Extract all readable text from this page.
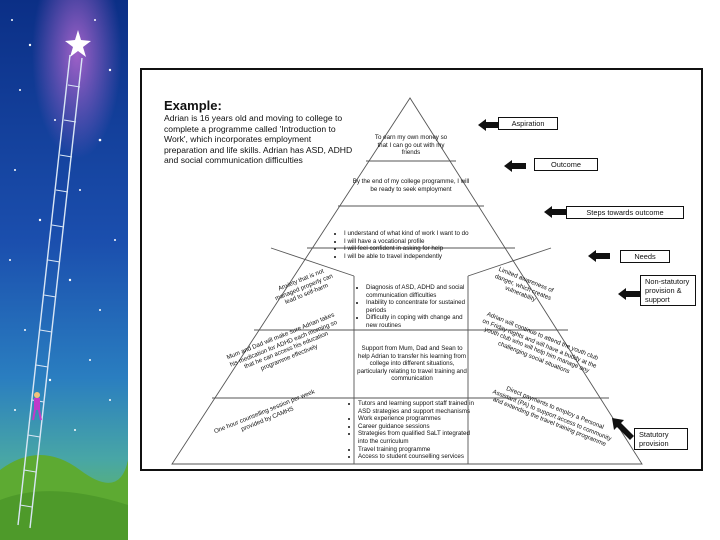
Example:
Adrian is 16 years old and moving to college to complete a programme called 'Introduction to Work', which incorporates employment preparation and life skills. Adrian has ASD, ADHD and social communication difficulties
To earn my own money so that I can go out with my friends
By the end of my college programme, I will be ready to seek employment
• I understand of what kind of work I want to do
• I will have a vocational profile
• I will feel confident in asking for help
• I will be able to travel independently
• Diagnosis of ASD, ADHD and social communication difficulties
• Inability to concentrate for sustained periods
• Difficulty in coping with change and new routines
Anxiety that is not managed properly can lead to self-harm	Limited awareness of danger, which creates vulnerability
Support from Mum, Dad and Sean to help Adrian to transfer his learning from college into different situations, particularly relating to travel training and communication
Mum and Dad will make sure Adrian takes his medication for ADHD each morning so that he can access his education programme effectively	Adrian will continue to attend the youth club on Friday nights and will have a buddy at the youth club who will help him manage any challenging social situations
• Tutors and learning support staff trained in ASD strategies and support mechanisms
• Work experience programmes
• Career guidance sessions
• Strategies from qualified SaLT integrated into the curriculum
• Travel training programme
• Access to student counselling services
One hour counselling session per week provided by CAMHS	Direct payments to employ a Personal Assistant (PA) to support access to community and extending the travel training programme
Aspiration
Outcome
Steps towards outcome
Needs
Non-statutory provision & support
Statutory provision
